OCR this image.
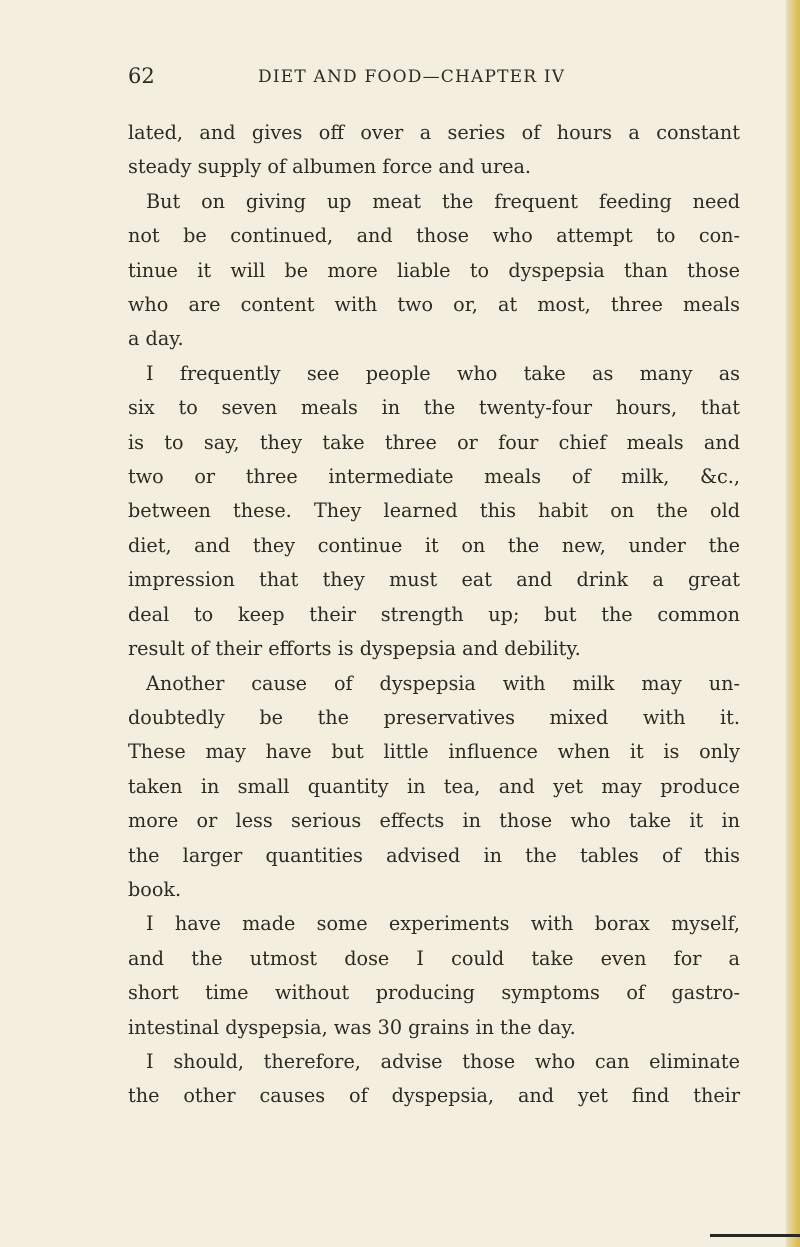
62	DIET AND FOOD—CHAPTER IV
lated, and gives off over a series of hours a constant
steady supply of albumen force and urea.
But on giving up meat the frequent feeding need
not be continued, and those who attempt to con-
tinue it will be more liable to dyspepsia than those
who are content with two or, at most, three meals
a day.
I frequently see people who take as many as
six to seven meals in the twenty-four hours, that
is to say, they take three or four chief meals and
two or three intermediate meals of milk, &c.,
between these. They learned this habit on the old
diet, and they continue it on the new, under the
impression that they must eat and drink a great
deal to keep their strength up; but the common
result of their efforts is dyspepsia and debility.
Another cause of dyspepsia with milk may un-
doubtedly be the preservatives mixed with it.
These may have but little influence when it is only
taken in small quantity in tea, and yet may produce
more or less serious effects in those who take it in
the larger quantities advised in the tables of this
book.
I have made some experiments with borax myself,
and the utmost dose I could take even for a
short time without producing symptoms of gastro-
intestinal dyspepsia, was 30 grains in the day.
I should, therefore, advise those who can eliminate
the other causes of dyspepsia, and yet find their
